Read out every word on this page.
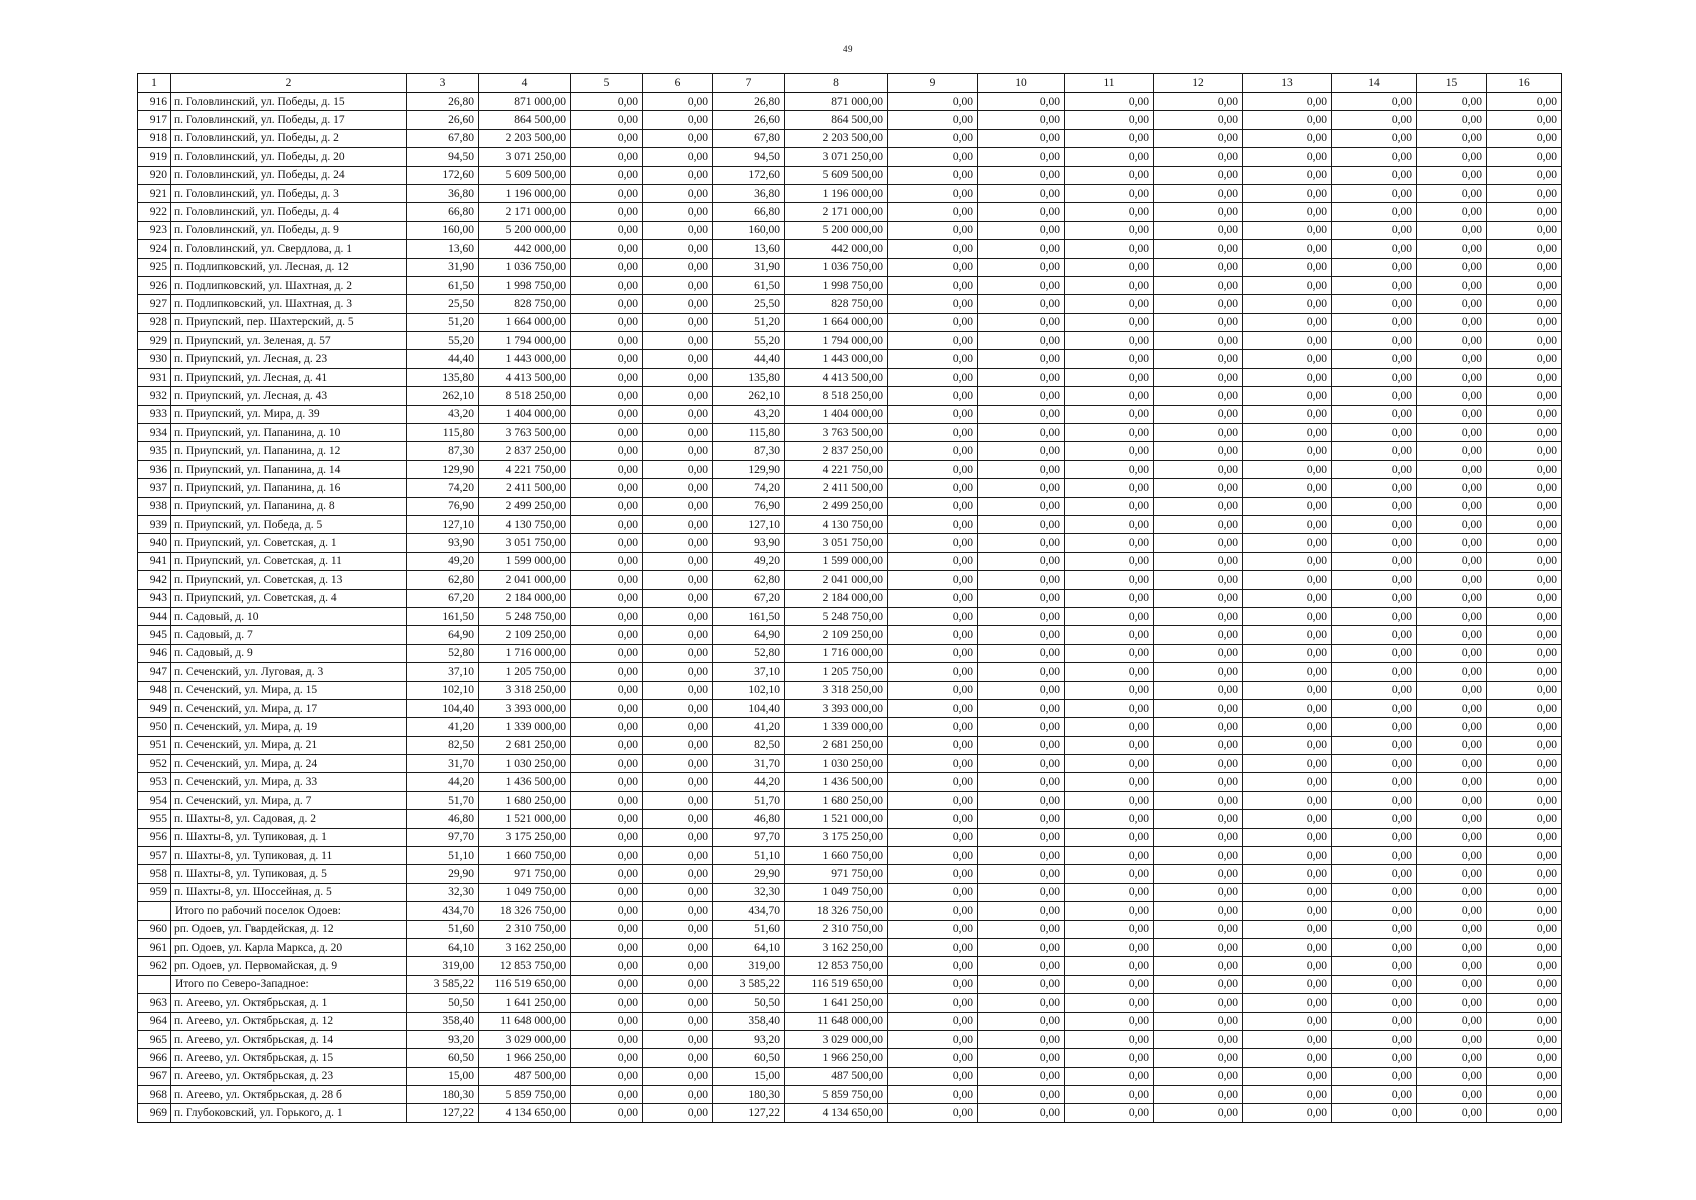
49
1	2	3	4	5	6	7	8	9	10	11	12	13	14	15	16
916	п. Головлинский, ул. Победы, д. 15	26,80	871 000,00	0,00	0,00	26,80	871 000,00	0,00	0,00	0,00	0,00	0,00	0,00	0,00	0,00
917	п. Головлинский, ул. Победы, д. 17	26,60	864 500,00	0,00	0,00	26,60	864 500,00	0,00	0,00	0,00	0,00	0,00	0,00	0,00	0,00
918	п. Головлинский, ул. Победы, д. 2	67,80	2 203 500,00	0,00	0,00	67,80	2 203 500,00	0,00	0,00	0,00	0,00	0,00	0,00	0,00	0,00
919	п. Головлинский, ул. Победы, д. 20	94,50	3 071 250,00	0,00	0,00	94,50	3 071 250,00	0,00	0,00	0,00	0,00	0,00	0,00	0,00	0,00
920	п. Головлинский, ул. Победы, д. 24	172,60	5 609 500,00	0,00	0,00	172,60	5 609 500,00	0,00	0,00	0,00	0,00	0,00	0,00	0,00	0,00
921	п. Головлинский, ул. Победы, д. 3	36,80	1 196 000,00	0,00	0,00	36,80	1 196 000,00	0,00	0,00	0,00	0,00	0,00	0,00	0,00	0,00
922	п. Головлинский, ул. Победы, д. 4	66,80	2 171 000,00	0,00	0,00	66,80	2 171 000,00	0,00	0,00	0,00	0,00	0,00	0,00	0,00	0,00
923	п. Головлинский, ул. Победы, д. 9	160,00	5 200 000,00	0,00	0,00	160,00	5 200 000,00	0,00	0,00	0,00	0,00	0,00	0,00	0,00	0,00
924	п. Головлинский, ул. Свердлова, д. 1	13,60	442 000,00	0,00	0,00	13,60	442 000,00	0,00	0,00	0,00	0,00	0,00	0,00	0,00	0,00
925	п. Подлипковский, ул. Лесная, д. 12	31,90	1 036 750,00	0,00	0,00	31,90	1 036 750,00	0,00	0,00	0,00	0,00	0,00	0,00	0,00	0,00
926	п. Подлипковский, ул. Шахтная, д. 2	61,50	1 998 750,00	0,00	0,00	61,50	1 998 750,00	0,00	0,00	0,00	0,00	0,00	0,00	0,00	0,00
927	п. Подлипковский, ул. Шахтная, д. 3	25,50	828 750,00	0,00	0,00	25,50	828 750,00	0,00	0,00	0,00	0,00	0,00	0,00	0,00	0,00
928	п. Приупский, пер. Шахтерский, д. 5	51,20	1 664 000,00	0,00	0,00	51,20	1 664 000,00	0,00	0,00	0,00	0,00	0,00	0,00	0,00	0,00
929	п. Приупский, ул. Зеленая, д. 57	55,20	1 794 000,00	0,00	0,00	55,20	1 794 000,00	0,00	0,00	0,00	0,00	0,00	0,00	0,00	0,00
930	п. Приупский, ул. Лесная, д. 23	44,40	1 443 000,00	0,00	0,00	44,40	1 443 000,00	0,00	0,00	0,00	0,00	0,00	0,00	0,00	0,00
931	п. Приупский, ул. Лесная, д. 41	135,80	4 413 500,00	0,00	0,00	135,80	4 413 500,00	0,00	0,00	0,00	0,00	0,00	0,00	0,00	0,00
932	п. Приупский, ул. Лесная, д. 43	262,10	8 518 250,00	0,00	0,00	262,10	8 518 250,00	0,00	0,00	0,00	0,00	0,00	0,00	0,00	0,00
933	п. Приупский, ул. Мира, д. 39	43,20	1 404 000,00	0,00	0,00	43,20	1 404 000,00	0,00	0,00	0,00	0,00	0,00	0,00	0,00	0,00
934	п. Приупский, ул. Папанина, д. 10	115,80	3 763 500,00	0,00	0,00	115,80	3 763 500,00	0,00	0,00	0,00	0,00	0,00	0,00	0,00	0,00
935	п. Приупский, ул. Папанина, д. 12	87,30	2 837 250,00	0,00	0,00	87,30	2 837 250,00	0,00	0,00	0,00	0,00	0,00	0,00	0,00	0,00
936	п. Приупский, ул. Папанина, д. 14	129,90	4 221 750,00	0,00	0,00	129,90	4 221 750,00	0,00	0,00	0,00	0,00	0,00	0,00	0,00	0,00
937	п. Приупский, ул. Папанина, д. 16	74,20	2 411 500,00	0,00	0,00	74,20	2 411 500,00	0,00	0,00	0,00	0,00	0,00	0,00	0,00	0,00
938	п. Приупский, ул. Папанина, д. 8	76,90	2 499 250,00	0,00	0,00	76,90	2 499 250,00	0,00	0,00	0,00	0,00	0,00	0,00	0,00	0,00
939	п. Приупский, ул. Победа, д. 5	127,10	4 130 750,00	0,00	0,00	127,10	4 130 750,00	0,00	0,00	0,00	0,00	0,00	0,00	0,00	0,00
940	п. Приупский, ул. Советская, д. 1	93,90	3 051 750,00	0,00	0,00	93,90	3 051 750,00	0,00	0,00	0,00	0,00	0,00	0,00	0,00	0,00
941	п. Приупский, ул. Советская, д. 11	49,20	1 599 000,00	0,00	0,00	49,20	1 599 000,00	0,00	0,00	0,00	0,00	0,00	0,00	0,00	0,00
942	п. Приупский, ул. Советская, д. 13	62,80	2 041 000,00	0,00	0,00	62,80	2 041 000,00	0,00	0,00	0,00	0,00	0,00	0,00	0,00	0,00
943	п. Приупский, ул. Советская, д. 4	67,20	2 184 000,00	0,00	0,00	67,20	2 184 000,00	0,00	0,00	0,00	0,00	0,00	0,00	0,00	0,00
944	п. Садовый, д. 10	161,50	5 248 750,00	0,00	0,00	161,50	5 248 750,00	0,00	0,00	0,00	0,00	0,00	0,00	0,00	0,00
945	п. Садовый, д. 7	64,90	2 109 250,00	0,00	0,00	64,90	2 109 250,00	0,00	0,00	0,00	0,00	0,00	0,00	0,00	0,00
946	п. Садовый, д. 9	52,80	1 716 000,00	0,00	0,00	52,80	1 716 000,00	0,00	0,00	0,00	0,00	0,00	0,00	0,00	0,00
947	п. Сеченский, ул. Луговая, д. 3	37,10	1 205 750,00	0,00	0,00	37,10	1 205 750,00	0,00	0,00	0,00	0,00	0,00	0,00	0,00	0,00
948	п. Сеченский, ул. Мира, д. 15	102,10	3 318 250,00	0,00	0,00	102,10	3 318 250,00	0,00	0,00	0,00	0,00	0,00	0,00	0,00	0,00
949	п. Сеченский, ул. Мира, д. 17	104,40	3 393 000,00	0,00	0,00	104,40	3 393 000,00	0,00	0,00	0,00	0,00	0,00	0,00	0,00	0,00
950	п. Сеченский, ул. Мира, д. 19	41,20	1 339 000,00	0,00	0,00	41,20	1 339 000,00	0,00	0,00	0,00	0,00	0,00	0,00	0,00	0,00
951	п. Сеченский, ул. Мира, д. 21	82,50	2 681 250,00	0,00	0,00	82,50	2 681 250,00	0,00	0,00	0,00	0,00	0,00	0,00	0,00	0,00
952	п. Сеченский, ул. Мира, д. 24	31,70	1 030 250,00	0,00	0,00	31,70	1 030 250,00	0,00	0,00	0,00	0,00	0,00	0,00	0,00	0,00
953	п. Сеченский, ул. Мира, д. 33	44,20	1 436 500,00	0,00	0,00	44,20	1 436 500,00	0,00	0,00	0,00	0,00	0,00	0,00	0,00	0,00
954	п. Сеченский, ул. Мира, д. 7	51,70	1 680 250,00	0,00	0,00	51,70	1 680 250,00	0,00	0,00	0,00	0,00	0,00	0,00	0,00	0,00
955	п. Шахты-8, ул. Садовая, д. 2	46,80	1 521 000,00	0,00	0,00	46,80	1 521 000,00	0,00	0,00	0,00	0,00	0,00	0,00	0,00	0,00
956	п. Шахты-8, ул. Тупиковая, д. 1	97,70	3 175 250,00	0,00	0,00	97,70	3 175 250,00	0,00	0,00	0,00	0,00	0,00	0,00	0,00	0,00
957	п. Шахты-8, ул. Тупиковая, д. 11	51,10	1 660 750,00	0,00	0,00	51,10	1 660 750,00	0,00	0,00	0,00	0,00	0,00	0,00	0,00	0,00
958	п. Шахты-8, ул. Тупиковая, д. 5	29,90	971 750,00	0,00	0,00	29,90	971 750,00	0,00	0,00	0,00	0,00	0,00	0,00	0,00	0,00
959	п. Шахты-8, ул. Шоссейная, д. 5	32,30	1 049 750,00	0,00	0,00	32,30	1 049 750,00	0,00	0,00	0,00	0,00	0,00	0,00	0,00	0,00
	Итого по рабочий поселок Одоев:	434,70	18 326 750,00	0,00	0,00	434,70	18 326 750,00	0,00	0,00	0,00	0,00	0,00	0,00	0,00	0,00
960	рп. Одоев, ул. Гвардейская, д. 12	51,60	2 310 750,00	0,00	0,00	51,60	2 310 750,00	0,00	0,00	0,00	0,00	0,00	0,00	0,00	0,00
961	рп. Одоев, ул. Карла Маркса, д. 20	64,10	3 162 250,00	0,00	0,00	64,10	3 162 250,00	0,00	0,00	0,00	0,00	0,00	0,00	0,00	0,00
962	рп. Одоев, ул. Первомайская, д. 9	319,00	12 853 750,00	0,00	0,00	319,00	12 853 750,00	0,00	0,00	0,00	0,00	0,00	0,00	0,00	0,00
	Итого по Северо-Западное:	3 585,22	116 519 650,00	0,00	0,00	3 585,22	116 519 650,00	0,00	0,00	0,00	0,00	0,00	0,00	0,00	0,00
963	п. Агеево, ул. Октябрьская, д. 1	50,50	1 641 250,00	0,00	0,00	50,50	1 641 250,00	0,00	0,00	0,00	0,00	0,00	0,00	0,00	0,00
964	п. Агеево, ул. Октябрьская, д. 12	358,40	11 648 000,00	0,00	0,00	358,40	11 648 000,00	0,00	0,00	0,00	0,00	0,00	0,00	0,00	0,00
965	п. Агеево, ул. Октябрьская, д. 14	93,20	3 029 000,00	0,00	0,00	93,20	3 029 000,00	0,00	0,00	0,00	0,00	0,00	0,00	0,00	0,00
966	п. Агеево, ул. Октябрьская, д. 15	60,50	1 966 250,00	0,00	0,00	60,50	1 966 250,00	0,00	0,00	0,00	0,00	0,00	0,00	0,00	0,00
967	п. Агеево, ул. Октябрьская, д. 23	15,00	487 500,00	0,00	0,00	15,00	487 500,00	0,00	0,00	0,00	0,00	0,00	0,00	0,00	0,00
968	п. Агеево, ул. Октябрьская, д. 28 б	180,30	5 859 750,00	0,00	0,00	180,30	5 859 750,00	0,00	0,00	0,00	0,00	0,00	0,00	0,00	0,00
969	п. Глубоковский, ул. Горького, д. 1	127,22	4 134 650,00	0,00	0,00	127,22	4 134 650,00	0,00	0,00	0,00	0,00	0,00	0,00	0,00	0,00
